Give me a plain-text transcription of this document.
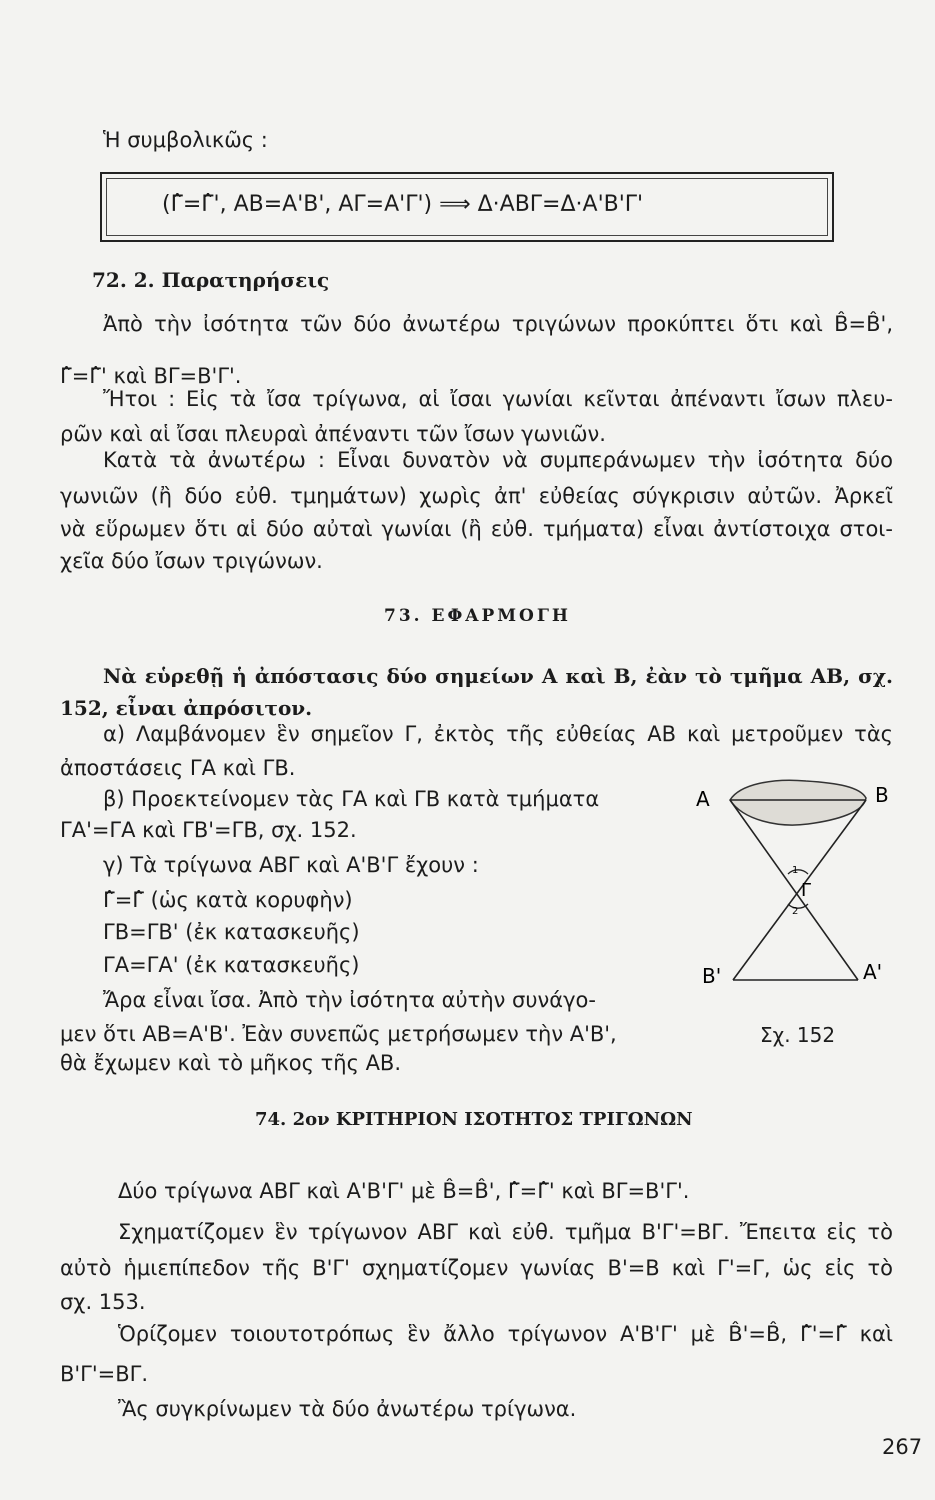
Ἡ συμβολικῶς :
(Γ̂=Γ̂', ΑΒ=Α'Β', ΑΓ=Α'Γ') ⟹ Δ·ΑΒΓ=Δ·Α'Β'Γ'
72. 2. Παρατηρήσεις
Ἀπὸ τὴν ἰσότητα τῶν δύο ἀνωτέρω τριγώνων προκύπτει ὅτι καὶ B̂=B̂',
Γ̂=Γ̂' καὶ ΒΓ=Β'Γ'.
Ἤτοι : Εἰς τὰ ἴσα τρίγωνα, αἱ ἴσαι γωνίαι κεῖνται ἀπέναντι ἴσων πλευ-
ρῶν καὶ αἱ ἴσαι πλευραὶ ἀπέναντι τῶν ἴσων γωνιῶν.
Κατὰ τὰ ἀνωτέρω : Εἶναι δυνατὸν νὰ συμπεράνωμεν τὴν ἰσότητα δύο
γωνιῶν (ἢ δύο εὐθ. τμημάτων) χωρὶς ἀπ' εὐθείας σύγκρισιν αὐτῶν. Ἀρκεῖ
νὰ εὕρωμεν ὅτι αἱ δύο αὐταὶ γωνίαι (ἢ εὐθ. τμήματα) εἶναι ἀντίστοιχα στοι-
χεῖα δύο ἴσων τριγώνων.
73. ΕΦΑΡΜΟΓΗ
Νὰ εὑρεθῇ ἡ ἀπόστασις δύο σημείων Α καὶ Β, ἐὰν τὸ τμῆμα ΑΒ, σχ.
152, εἶναι ἀπρόσιτον.
α) Λαμβάνομεν ἓν σημεῖον Γ, ἐκτὸς τῆς εὐθείας ΑΒ καὶ μετροῦμεν τὰς
ἀποστάσεις ΓΑ καὶ ΓΒ.
β) Προεκτείνομεν τὰς ΓΑ καὶ ΓΒ κατὰ τμήματα
ΓΑ'=ΓΑ καὶ ΓΒ'=ΓΒ, σχ. 152.
γ) Τὰ τρίγωνα ΑΒΓ καὶ Α'Β'Γ ἔχουν :
Γ̂=Γ̂ (ὡς κατὰ κορυφὴν)
ΓΒ=ΓΒ' (ἐκ κατασκευῆς)
ΓΑ=ΓΑ' (ἐκ κατασκευῆς)
Ἄρα εἶναι ἴσα. Ἀπὸ τὴν ἰσότητα αὐτὴν συνάγο-
μεν ὅτι ΑΒ=Α'Β'. Ἐὰν συνεπῶς μετρήσωμεν τὴν Α'Β',
θὰ ἔχωμεν καὶ τὸ μῆκος τῆς ΑΒ.
A	B
Γ
1
2
B'	A'
Σχ. 152
74. 2ον ΚΡΙΤΗΡΙΟΝ ΙΣΟΤΗΤΟΣ ΤΡΙΓΩΝΩΝ
Δύο τρίγωνα ΑΒΓ καὶ Α'Β'Γ' μὲ B̂=B̂', Γ̂=Γ̂' καὶ ΒΓ=Β'Γ'.
Σχηματίζομεν ἓν τρίγωνον ΑΒΓ καὶ εὐθ. τμῆμα Β'Γ'=ΒΓ. Ἔπειτα εἰς τὸ
αὐτὸ ἡμιεπίπεδον τῆς Β'Γ' σχηματίζομεν γωνίας Β'=Β καὶ Γ'=Γ, ὡς εἰς τὸ
σχ. 153.
Ὁρίζομεν τοιουτοτρόπως ἓν ἄλλο τρίγωνον Α'Β'Γ' μὲ B̂'=B̂, Γ̂'=Γ̂ καὶ
Β'Γ'=ΒΓ.
Ἂς συγκρίνωμεν τὰ δύο ἀνωτέρω τρίγωνα.
267
